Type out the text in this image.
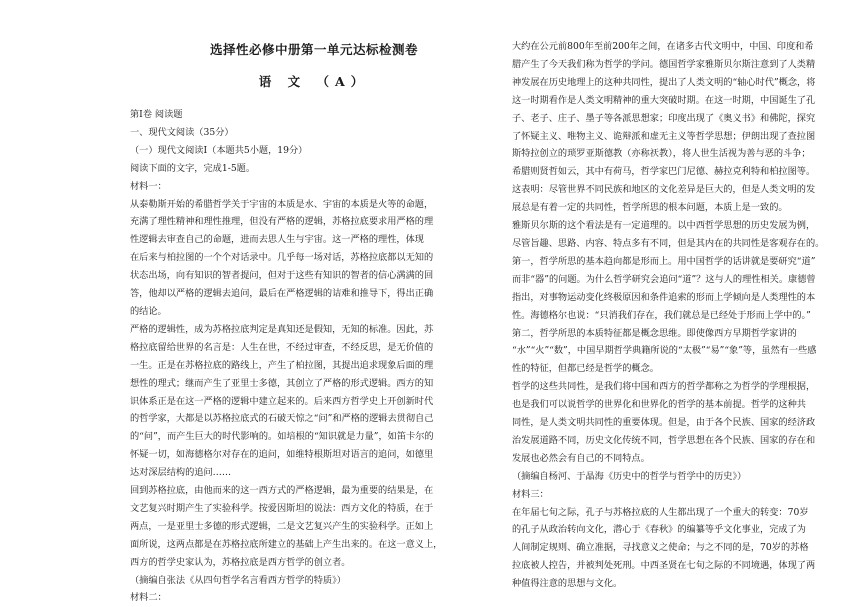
选择性必修中册第一单元达标检测卷
语 文 （A）

第Ⅰ卷 阅读题

一、现代文阅读（35分）

（一）现代文阅读Ⅰ（本题共5小题，19分）

阅读下面的文字，完成1-5题。

材料一：

从泰勒斯开始的希腊哲学关于宇宙的本质是水、宇宙的本质是火等的命题，

充满了理性精神和理性推理，但没有严格的逻辑，苏格拉底要求用严格的理

性逻辑去审查自己的命题，进而去思人生与宇宙。这一严格的理性，体现

在后来与柏拉图的一个个对话录中。几乎每一场对话，苏格拉底都以无知的

状态出场，向有知识的智者提问，但对于这些有知识的智者的信心满满的回

答，他却以严格的逻辑去追问，最后在严格逻辑的诘难和推导下，得出正确

的结论。

严格的逻辑性，成为苏格拉底判定是真知还是假知，无知的标准。因此，苏

格拉底留给世界的名言是：人生在世，不经过审查，不经反思，是无价值的

一生。正是在苏格拉底的路线上，产生了柏拉图，其提出追求现象后面的理

想性的理式；继而产生了亚里士多德，其创立了严格的形式逻辑。西方的知

识体系正是在这一严格的逻辑中建立起来的。后来西方哲学史上开创新时代

的哲学家，大都是以苏格拉底式的石破天惊之“问”和严格的逻辑去贯彻自己

的“问”，而产生巨大的时代影响的。如培根的“知识就是力量”，如笛卡尔的

怀疑一切，如海德格尔对存在的追问，如维特根斯坦对语言的追问，如德里

达对深层结构的追问……

回到苏格拉底，由他而来的这一西方式的严格逻辑，最为重要的结果是，在

文艺复兴时期产生了实验科学。按爱因斯坦的说法：西方文化的特质，在于

两点，一是亚里士多德的形式逻辑，二是文艺复兴产生的实验科学。正如上

面所说，这两点都是在苏格拉底所建立的基础上产生出来的。在这一意义上，

西方的哲学史家认为，苏格拉底是西方哲学的创立者。

（摘编自张法《从四句哲学名言看西方哲学的特质》）

材料二：

大约在公元前800年至前200年之间，在诸多古代文明中，中国、印度和希

腊产生了今天我们称为哲学的学问。德国哲学家雅斯贝尔斯注意到了人类精

神发展在历史地理上的这种共同性，提出了人类文明的“轴心时代”概念，将

这一时期看作是人类文明精神的重大突破时期。在这一时期，中国诞生了孔

子、老子、庄子、墨子等各派思想家；印度出现了《奥义书》和佛陀，探究

了怀疑主义、唯物主义、诡辩派和虚无主义等哲学思想；伊朗出现了查拉图

斯特拉创立的琐罗亚斯德教（亦称祆教），将人世生活视为善与恶的斗争；

希腊则贤哲如云，其中有荷马，哲学家巴门尼德、赫拉克利特和柏拉图等。

这表明：尽管世界不同民族和地区的文化差异是巨大的，但是人类文明的发

展总是有着一定的共同性，哲学所思的根本问题，本质上是一致的。

雅斯贝尔斯的这个看法是有一定道理的。以中西哲学思想的历史发展为例，

尽管旨趣、思路、内容、特点多有不同，但是其内在的共同性是客观存在的。

第一，哲学所思的基本趋向都是形而上。用中国哲学的话讲就是要研究“道”

而非“器”的问题。为什么哲学研究会追问“道”？这与人的理性相关。康德曾

指出，对事物运动变化终极原因和条件追索的形而上学倾向是人类理性的本

性。海德格尔也说：“只消我们存在，我们就总是已经处于形而上学中的。”

第二，哲学所思的本质特征都是概念思维。即使像西方早期哲学家讲的

“水”“火”“数”，中国早期哲学典籍所说的“太极”“易”“象”等，虽然有一些感

性的特征，但都已经是哲学的概念。

哲学的这些共同性，是我们将中国和西方的哲学都称之为哲学的学理根据，

也是我们可以说哲学的世界化和世界化的哲学的基本前提。哲学的这种共

同性，是人类文明共同性的重要体现。但是，由于各个民族、国家的经济政

治发展道路不同，历史文化传统不同，哲学思想在各个民族、国家的存在和

发展也必然会有自己的不同特点。

（摘编自杨河、于晶海《历史中的哲学与哲学中的历史》）

材料三：

在年届七旬之际，孔子与苏格拉底的人生都出现了一个重大的转变：70岁

的孔子从政治转向文化，潜心于《春秋》的编纂等乎文化事业，完成了为

人间制定规则、确立准据，寻找意义之使命；与之不同的是，70岁的苏格

拉底被人控告，并被判处死刑。中西圣贤在七旬之际的不同境遇，体现了两

种值得注意的思想与文化。
